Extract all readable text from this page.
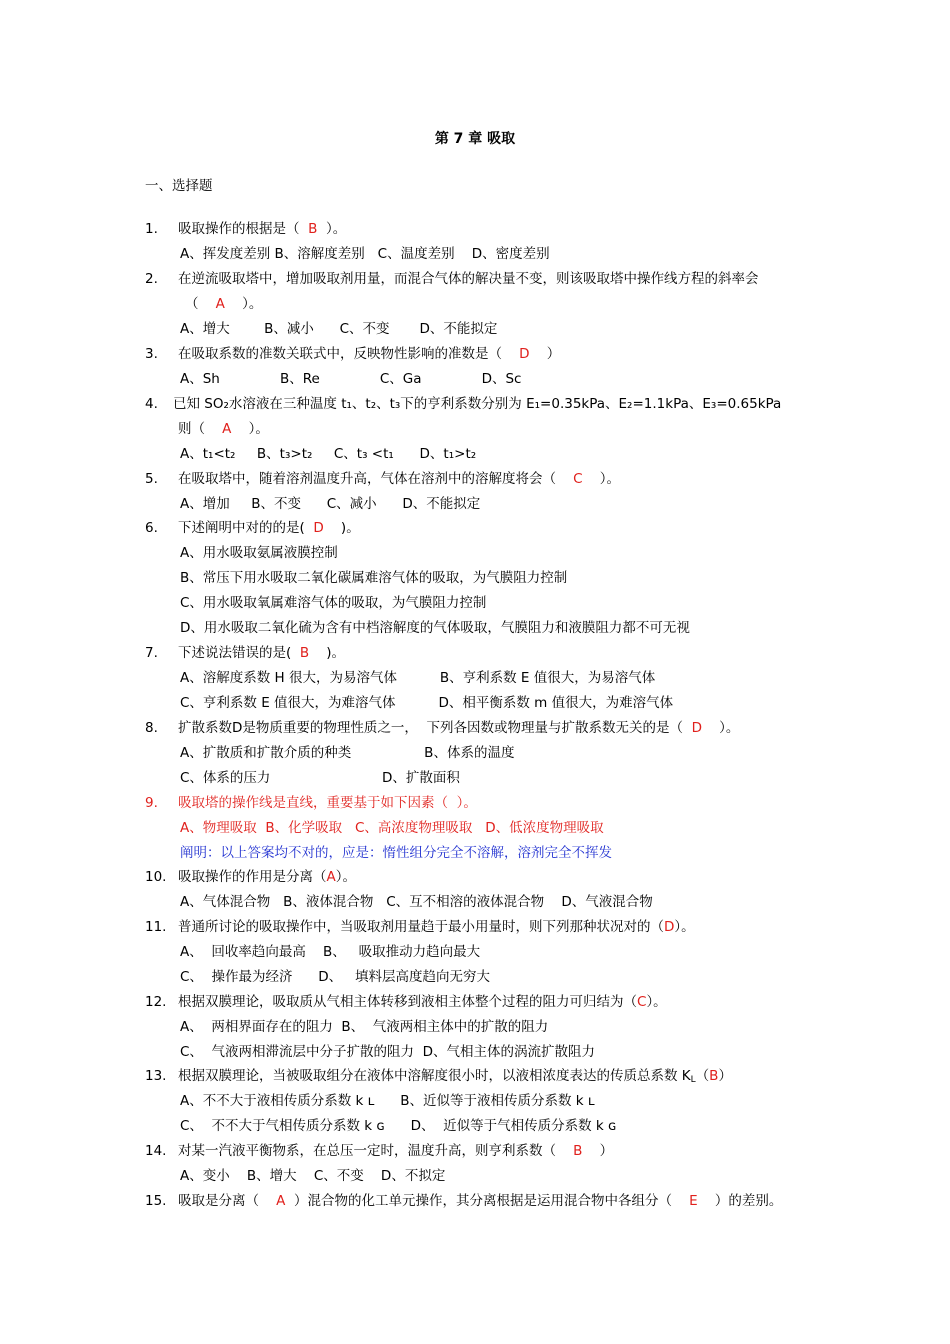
第 7 章 吸取
一、选择题
1. 吸取操作的根据是（  B  ）。
A、挥发度差别 B、溶解度差别   C、温度差别    D、密度差别
2. 在逆流吸取塔中，增加吸取剂用量，而混合气体的解决量不变，则该吸取塔中操作线方程的斜率会
（    A    ）。
A、增大        B、减小      C、不变       D、不能拟定
3. 在吸取系数的准数关联式中，反映物性影响的准数是（    D    ）
A、Sh              B、Re              C、Ga              D、Sc
4. 已知 SO₂水溶液在三种温度 t₁、t₂、t₃下的亨利系数分别为 E₁=0.35kPa、E₂=1.1kPa、E₃=0.65kPa
则（    A    ）。
A、t₁<t₂     B、t₃>t₂     C、t₃ <t₁      D、t₁>t₂
5. 在吸取塔中，随着溶剂温度升高，气体在溶剂中的溶解度将会（    C    ）。
A、增加     B、不变      C、减小      D、不能拟定
6. 下述阐明中对的的是(  D    )。
A、用水吸取氨属液膜控制
B、常压下用水吸取二氧化碳属难溶气体的吸取，为气膜阻力控制
C、用水吸取氧属难溶气体的吸取，为气膜阻力控制
D、用水吸取二氧化硫为含有中档溶解度的气体吸取，气膜阻力和液膜阻力都不可无视
7. 下述说法错误的是(  B    )。
A、溶解度系数 H 很大，为易溶气体          B、亨利系数 E 值很大，为易溶气体
C、亨利系数 E 值很大，为难溶气体          D、相平衡系数 m 值很大，为难溶气体
8. 扩散系数D是物质重要的物理性质之一，  下列各因数或物理量与扩散系数无关的是（  D    ）。
A、扩散质和扩散介质的种类                 B、体系的温度
C、体系的压力                          D、扩散面积
9. 吸取塔的操作线是直线，重要基于如下因素（  ）。
A、物理吸取  B、化学吸取   C、高浓度物理吸取   D、低浓度物理吸取
阐明：以上答案均不对的，应是：惰性组分完全不溶解，溶剂完全不挥发
10. 吸取操作的作用是分离（A）。
A、气体混合物   B、液体混合物   C、互不相溶的液体混合物    D、气液混合物
11. 普通所讨论的吸取操作中，当吸取剂用量趋于最小用量时，则下列那种状况对的（D）。
A、  回收率趋向最高    B、   吸取推动力趋向最大
C、  操作最为经济      D、   填料层高度趋向无穷大
12. 根据双膜理论，吸取质从气相主体转移到液相主体整个过程的阻力可归结为（C）。
A、  两相界面存在的阻力  B、  气液两相主体中的扩散的阻力
C、  气液两相滞流层中分子扩散的阻力  D、气相主体的涡流扩散阻力
13. 根据双膜理论，当被吸取组分在液体中溶解度很小时，以液相浓度表达的传质总系数 $K_L(B)$
A、不不大于液相传质分系数 k ʟ      B、近似等于液相传质分系数 k ʟ
C、  不不大于气相传质分系数 k ɢ      D、  近似等于气相传质分系数 k ɢ
14. 对某一汽液平衡物系，在总压一定时，温度升高，则亨利系数（    B    ）
A、变小    B、增大    C、不变    D、不拟定
15. 吸取是分离（    A  ）混合物的化工单元操作，其分离根据是运用混合物中各组分（    E    ）的差别。
